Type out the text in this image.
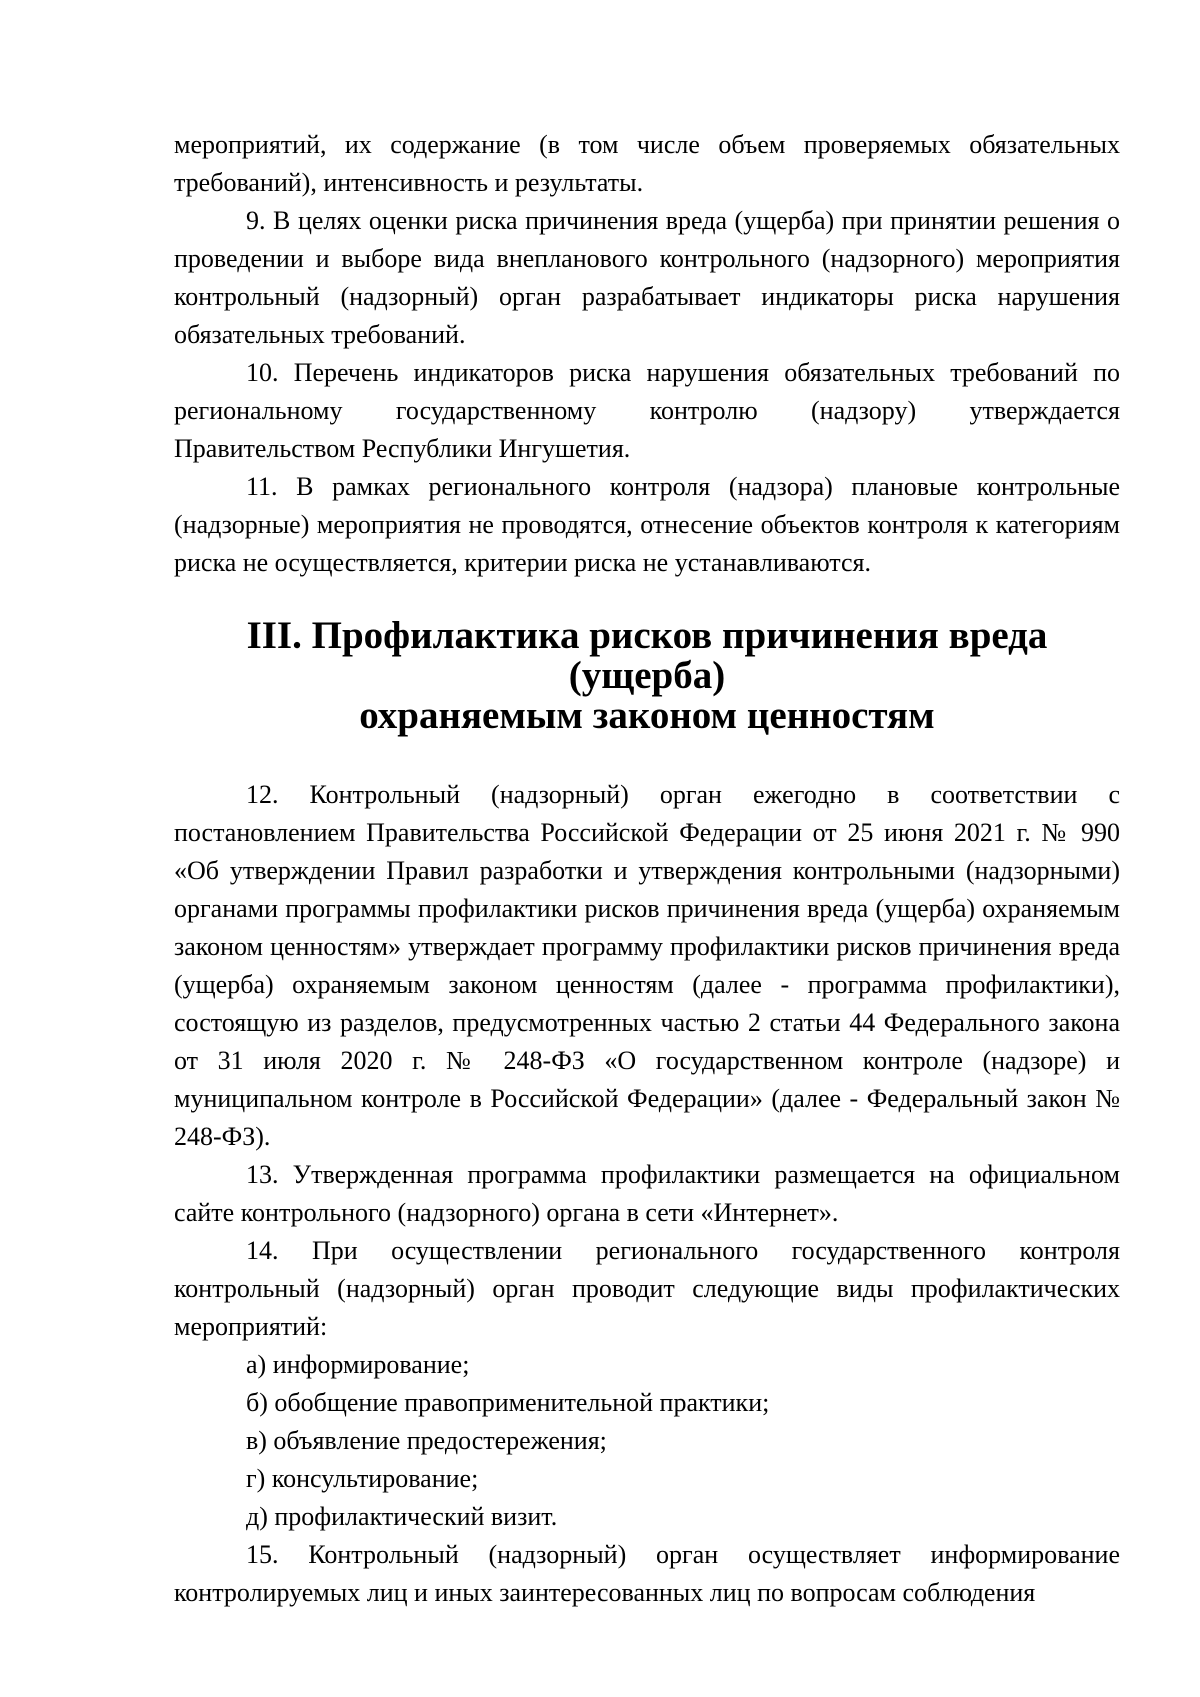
мероприятий, их содержание (в том числе объем проверяемых обязательных требований), интенсивность и результаты.

9. В целях оценки риска причинения вреда (ущерба) при принятии решения о проведении и выборе вида внепланового контрольного (надзорного) мероприятия контрольный (надзорный) орган разрабатывает индикаторы риска нарушения обязательных требований.

10. Перечень индикаторов риска нарушения обязательных требований по региональному государственному контролю (надзору) утверждается Правительством Республики Ингушетия.

11. В рамках регионального контроля (надзора) плановые контрольные (надзорные) мероприятия не проводятся, отнесение объектов контроля к категориям риска не осуществляется, критерии риска не устанавливаются.

III. Профилактика рисков причинения вреда (ущерба)
охраняемым законом ценностям

12. Контрольный (надзорный) орган ежегодно в соответствии с постановлением Правительства Российской Федерации от 25 июня 2021 г. № 990 «Об утверждении Правил разработки и утверждения контрольными (надзорными) органами программы профилактики рисков причинения вреда (ущерба) охраняемым законом ценностям» утверждает программу профилактики рисков причинения вреда (ущерба) охраняемым законом ценностям (далее - программа профилактики), состоящую из разделов, предусмотренных частью 2 статьи 44 Федерального закона от 31 июля 2020 г. № 248-ФЗ «О государственном контроле (надзоре) и муниципальном контроле в Российской Федерации» (далее - Федеральный закон № 248-ФЗ).

13. Утвержденная программа профилактики размещается на официальном сайте контрольного (надзорного) органа в сети «Интернет».

14. При осуществлении регионального государственного контроля контрольный (надзорный) орган проводит следующие виды профилактических мероприятий:

а) информирование;

б) обобщение правоприменительной практики;

в) объявление предостережения;

г) консультирование;

д) профилактический визит.

15. Контрольный (надзорный) орган осуществляет информирование контролируемых лиц и иных заинтересованных лиц по вопросам соблюдения
